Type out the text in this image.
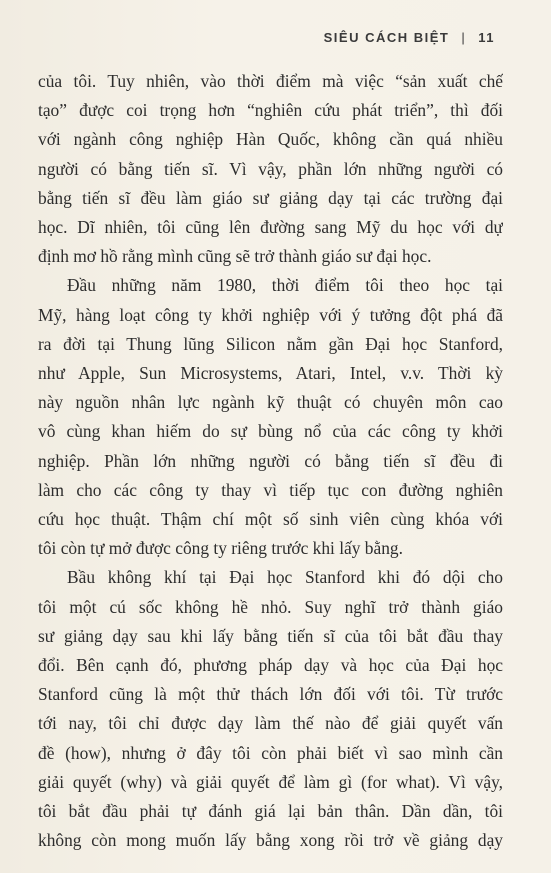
SIÊU CÁCH BIỆT | 11
của tôi. Tuy nhiên, vào thời điểm mà việc “sản xuất chế
tạo” được coi trọng hơn “nghiên cứu phát triển”, thì đối
với ngành công nghiệp Hàn Quốc, không cần quá nhiều
người có bằng tiến sĩ. Vì vậy, phần lớn những người có
bằng tiến sĩ đều làm giáo sư giảng dạy tại các trường đại
học. Dĩ nhiên, tôi cũng lên đường sang Mỹ du học với dự
định mơ hồ rằng mình cũng sẽ trở thành giáo sư đại học.
Đầu những năm 1980, thời điểm tôi theo học tại
Mỹ, hàng loạt công ty khởi nghiệp với ý tưởng đột phá đã
ra đời tại Thung lũng Silicon nằm gần Đại học Stanford,
như Apple, Sun Microsystems, Atari, Intel, v.v. Thời kỳ
này nguồn nhân lực ngành kỹ thuật có chuyên môn cao
vô cùng khan hiếm do sự bùng nổ của các công ty khởi
nghiệp. Phần lớn những người có bằng tiến sĩ đều đi
làm cho các công ty thay vì tiếp tục con đường nghiên
cứu học thuật. Thậm chí một số sinh viên cùng khóa với
tôi còn tự mở được công ty riêng trước khi lấy bằng.
Bầu không khí tại Đại học Stanford khi đó dội cho
tôi một cú sốc không hề nhỏ. Suy nghĩ trở thành giáo
sư giảng dạy sau khi lấy bằng tiến sĩ của tôi bắt đầu thay
đổi. Bên cạnh đó, phương pháp dạy và học của Đại học
Stanford cũng là một thử thách lớn đối với tôi. Từ trước
tới nay, tôi chỉ được dạy làm thế nào để giải quyết vấn
đề (how), nhưng ở đây tôi còn phải biết vì sao mình cần
giải quyết (why) và giải quyết để làm gì (for what). Vì vậy,
tôi bắt đầu phải tự đánh giá lại bản thân. Dần dần, tôi
không còn mong muốn lấy bằng xong rồi trở về giảng dạy
